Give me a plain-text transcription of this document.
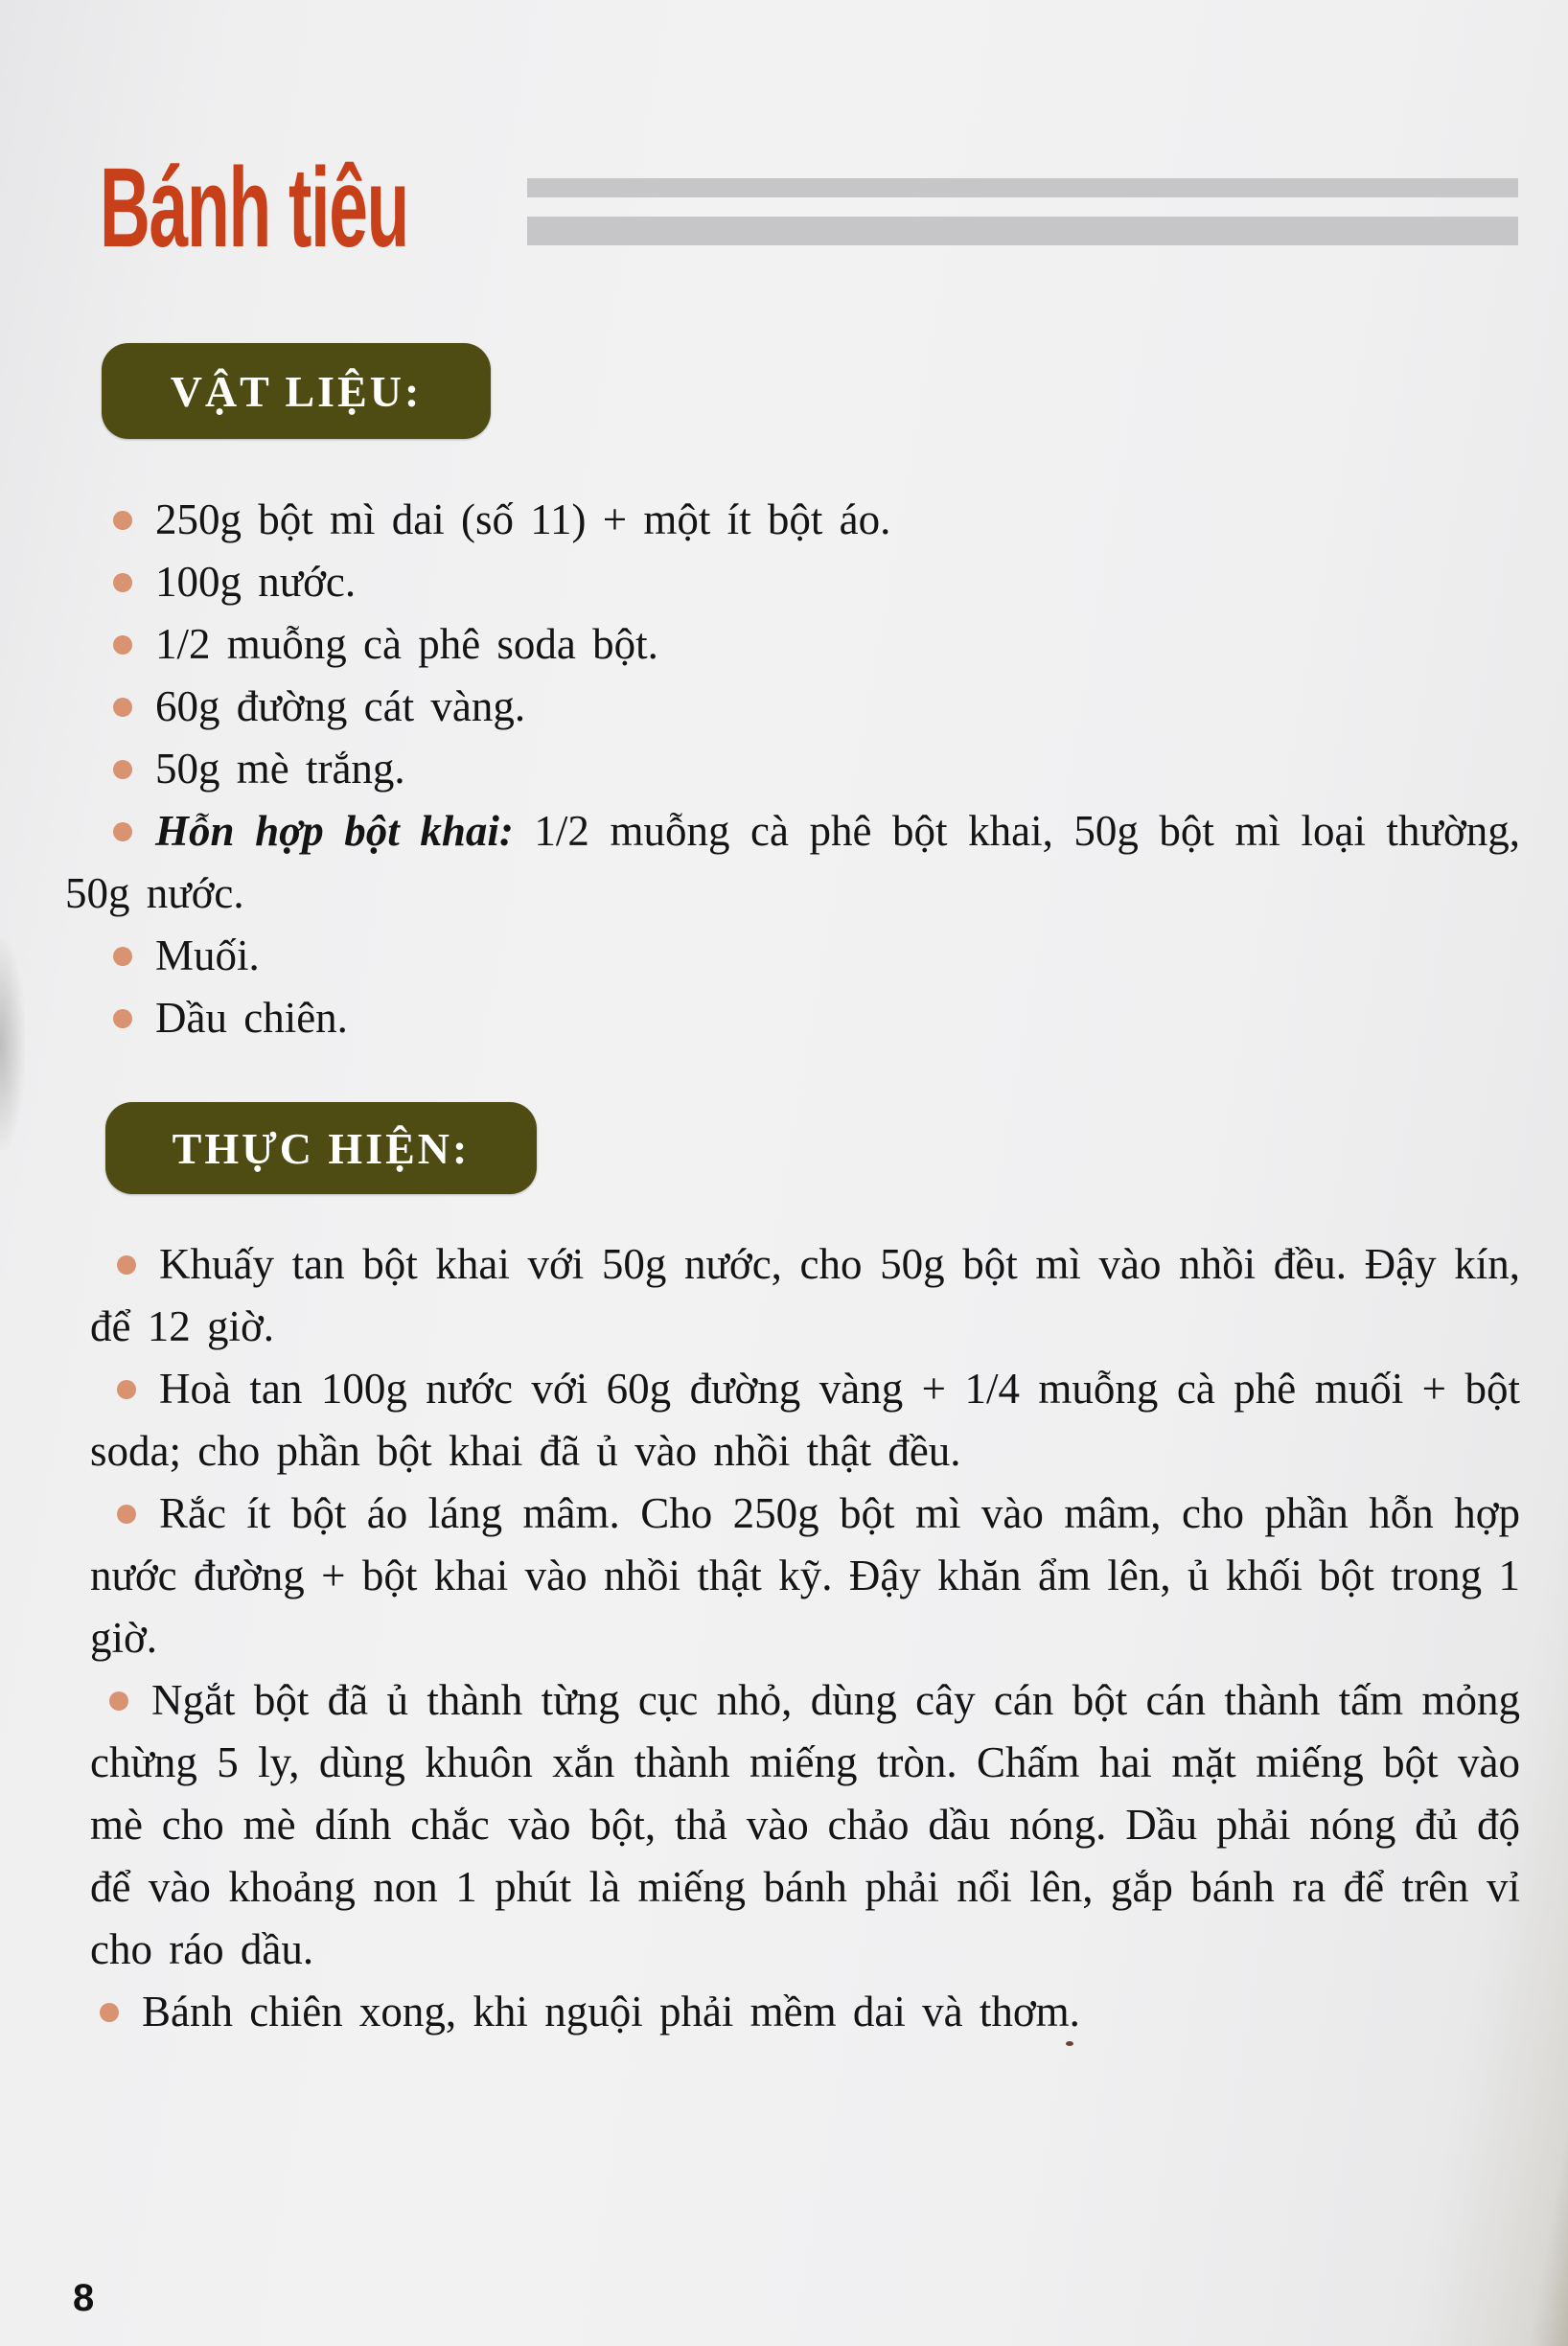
Bánh tiêu
VẬT LIỆU:
250g bột mì dai (số 11) + một ít bột áo.
100g nước.
1/2 muỗng cà phê soda bột.
60g đường cát vàng.
50g mè trắng.
Hỗn hợp bột khai: 1/2 muỗng cà phê bột khai, 50g bột mì loại thường, 50g nước.
Muối.
Dầu chiên.
THỰC HIỆN:
Khuấy tan bột khai với 50g nước, cho 50g bột mì vào nhồi đều. Đậy kín, để 12 giờ.
Hoà tan 100g nước với 60g đường vàng + 1/4 muỗng cà phê muối + bột soda; cho phần bột khai đã ủ vào nhồi thật đều.
Rắc ít bột áo láng mâm. Cho 250g bột mì vào mâm, cho phần hỗn hợp nước đường + bột khai vào nhồi thật kỹ. Đậy khăn ẩm lên, ủ khối bột trong 1 giờ.
Ngắt bột đã ủ thành từng cục nhỏ, dùng cây cán bột cán thành tấm mỏng chừng 5 ly, dùng khuôn xắn thành miếng tròn. Chấm hai mặt miếng bột vào mè cho mè dính chắc vào bột, thả vào chảo dầu nóng. Dầu phải nóng đủ độ để vào khoảng non 1 phút là miếng bánh phải nổi lên, gắp bánh ra để trên vỉ cho ráo dầu.
Bánh chiên xong, khi nguội phải mềm dai và thơm.
8
